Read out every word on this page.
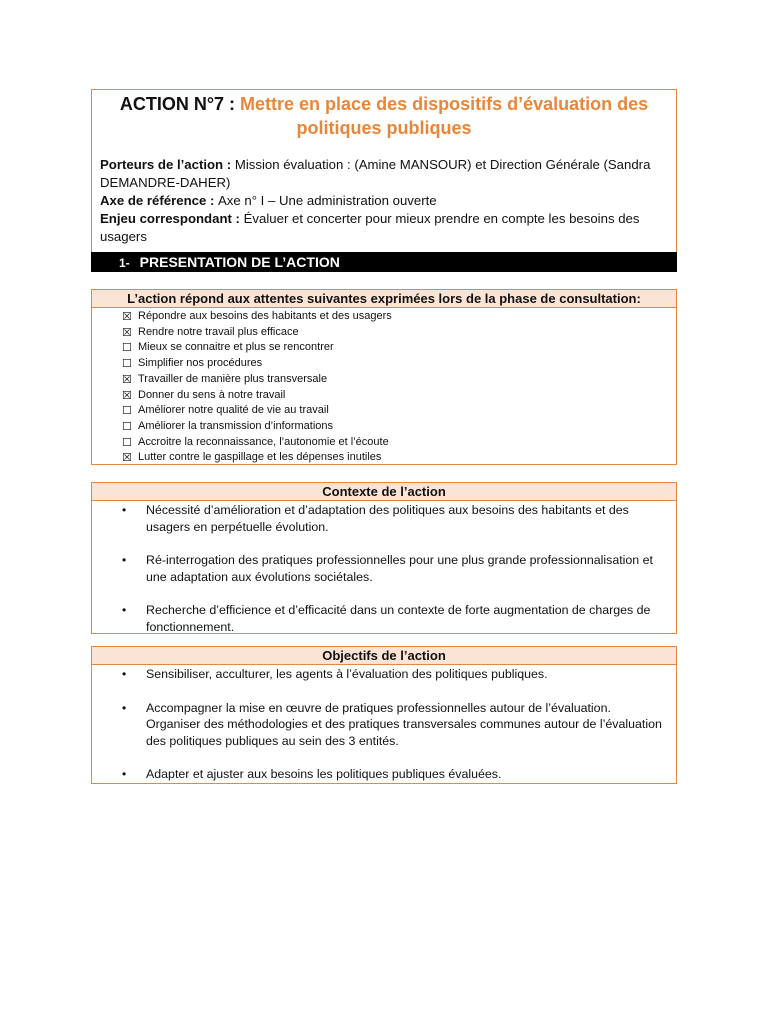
ACTION N°7 : Mettre en place des dispositifs d’évaluation des politiques publiques

Porteurs de l’action : Mission évaluation : (Amine MANSOUR) et Direction Générale (Sandra DEMANDRE-DAHER)

Axe de référence : Axe n° I – Une administration ouverte

Enjeu correspondant : Évaluer et concerter pour mieux prendre en compte les besoins des usagers

1- PRESENTATION DE L’ACTION
L’action répond aux attentes suivantes exprimées lors de la phase de consultation:
☒ Répondre aux besoins des habitants et des usagers
☒ Rendre notre travail plus efficace
☐ Mieux se connaitre et plus se rencontrer
☐ Simplifier nos procédures
☒ Travailler de manière plus transversale
☒ Donner du sens à notre travail
☐ Améliorer notre qualité de vie au travail
☐ Améliorer la transmission d’informations
☐ Accroitre la reconnaissance, l’autonomie et l’écoute
☒ Lutter contre le gaspillage et les dépenses inutiles
Contexte de l’action
• Nécessité d’amélioration et d’adaptation des politiques aux besoins des habitants et des usagers en perpétuelle évolution.
• Ré-interrogation des pratiques professionnelles pour une plus grande professionnalisation et une adaptation aux évolutions sociétales.
• Recherche d’efficience et d’efficacité dans un contexte de forte augmentation de charges de fonctionnement.
Objectifs de l’action
• Sensibiliser, acculturer, les agents à l’évaluation des politiques publiques.
• Accompagner la mise en œuvre de pratiques professionnelles autour de l’évaluation. Organiser des méthodologies et des pratiques transversales communes autour de l’évaluation des politiques publiques au sein des 3 entités.
• Adapter et ajuster aux besoins les politiques publiques évaluées.
